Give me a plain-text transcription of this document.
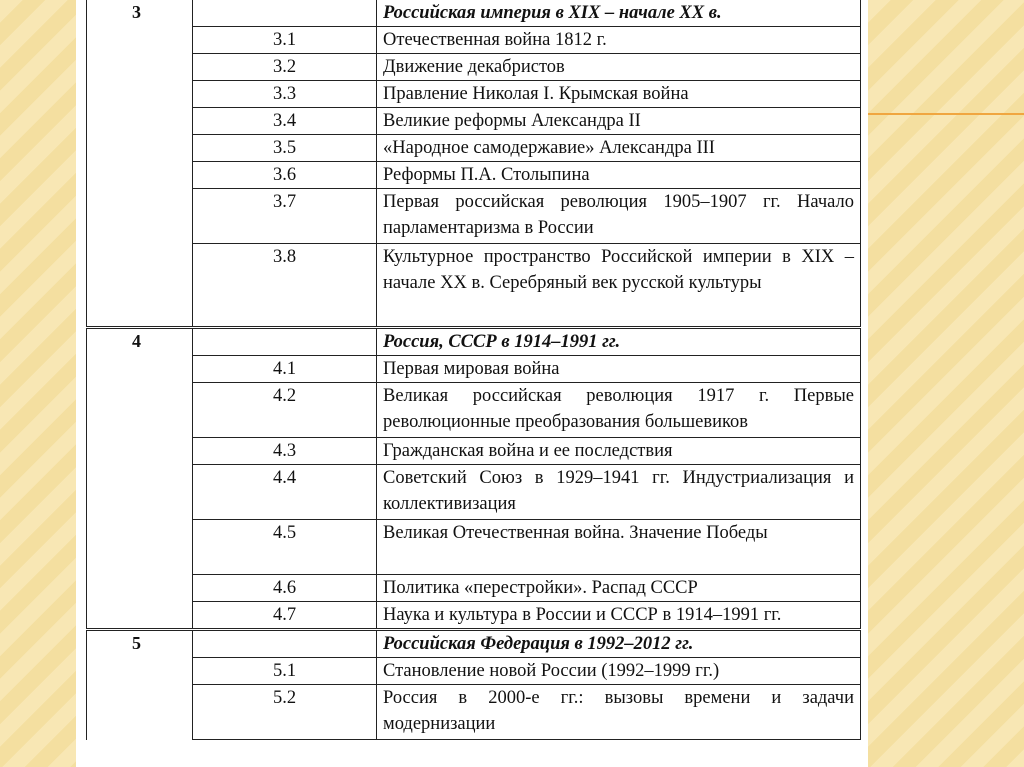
3		Российская империя в XIX – начале XX в.
	3.1	Отечественная война 1812 г.
	3.2	Движение декабристов
	3.3	Правление Николая I. Крымская война
	3.4	Великие реформы Александра II
	3.5	«Народное самодержавие» Александра III
	3.6	Реформы П.А. Столыпина
	3.7	Первая российская революция 1905–1907 гг. Начало парламентаризма в России
	3.8	Культурное пространство Российской империи в XIX – начале XX в. Серебряный век русской культуры
4		Россия, СССР в 1914–1991 гг.
	4.1	Первая мировая война
	4.2	Великая российская революция 1917 г. Первые революционные преобразования большевиков
	4.3	Гражданская война и ее последствия
	4.4	Советский Союз в 1929–1941 гг. Индустриализация и коллективизация
	4.5	Великая Отечественная война. Значение Победы
	4.6	Политика «перестройки». Распад СССР
	4.7	Наука и культура в России и СССР в 1914–1991 гг.
5		Российская Федерация в 1992–2012 гг.
	5.1	Становление новой России (1992–1999 гг.)
	5.2	Россия в 2000-е гг.: вызовы времени и задачи модернизации
